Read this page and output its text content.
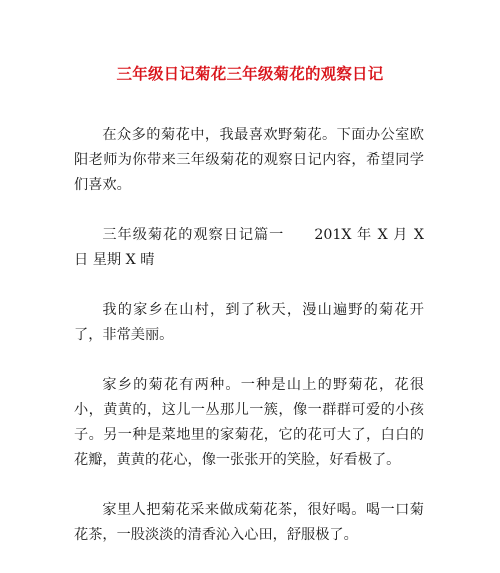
三年级日记菊花三年级菊花的观察日记

在众多的菊花中，我最喜欢野菊花。下面办公室欧阳老师为你带来三年级菊花的观察日记内容，希望同学们喜欢。

三年级菊花的观察日记篇一 201X 年 X 月 X 日 星期 X 晴

我的家乡在山村，到了秋天，漫山遍野的菊花开了，非常美丽。

家乡的菊花有两种。一种是山上的野菊花，花很小，黄黄的，这儿一丛那儿一簇，像一群群可爱的小孩子。另一种是菜地里的家菊花，它的花可大了，白白的花瓣，黄黄的花心，像一张张开的笑脸，好看极了。

家里人把菊花采来做成菊花茶，很好喝。喝一口菊花茶，一股淡淡的清香沁入心田，舒服极了。
